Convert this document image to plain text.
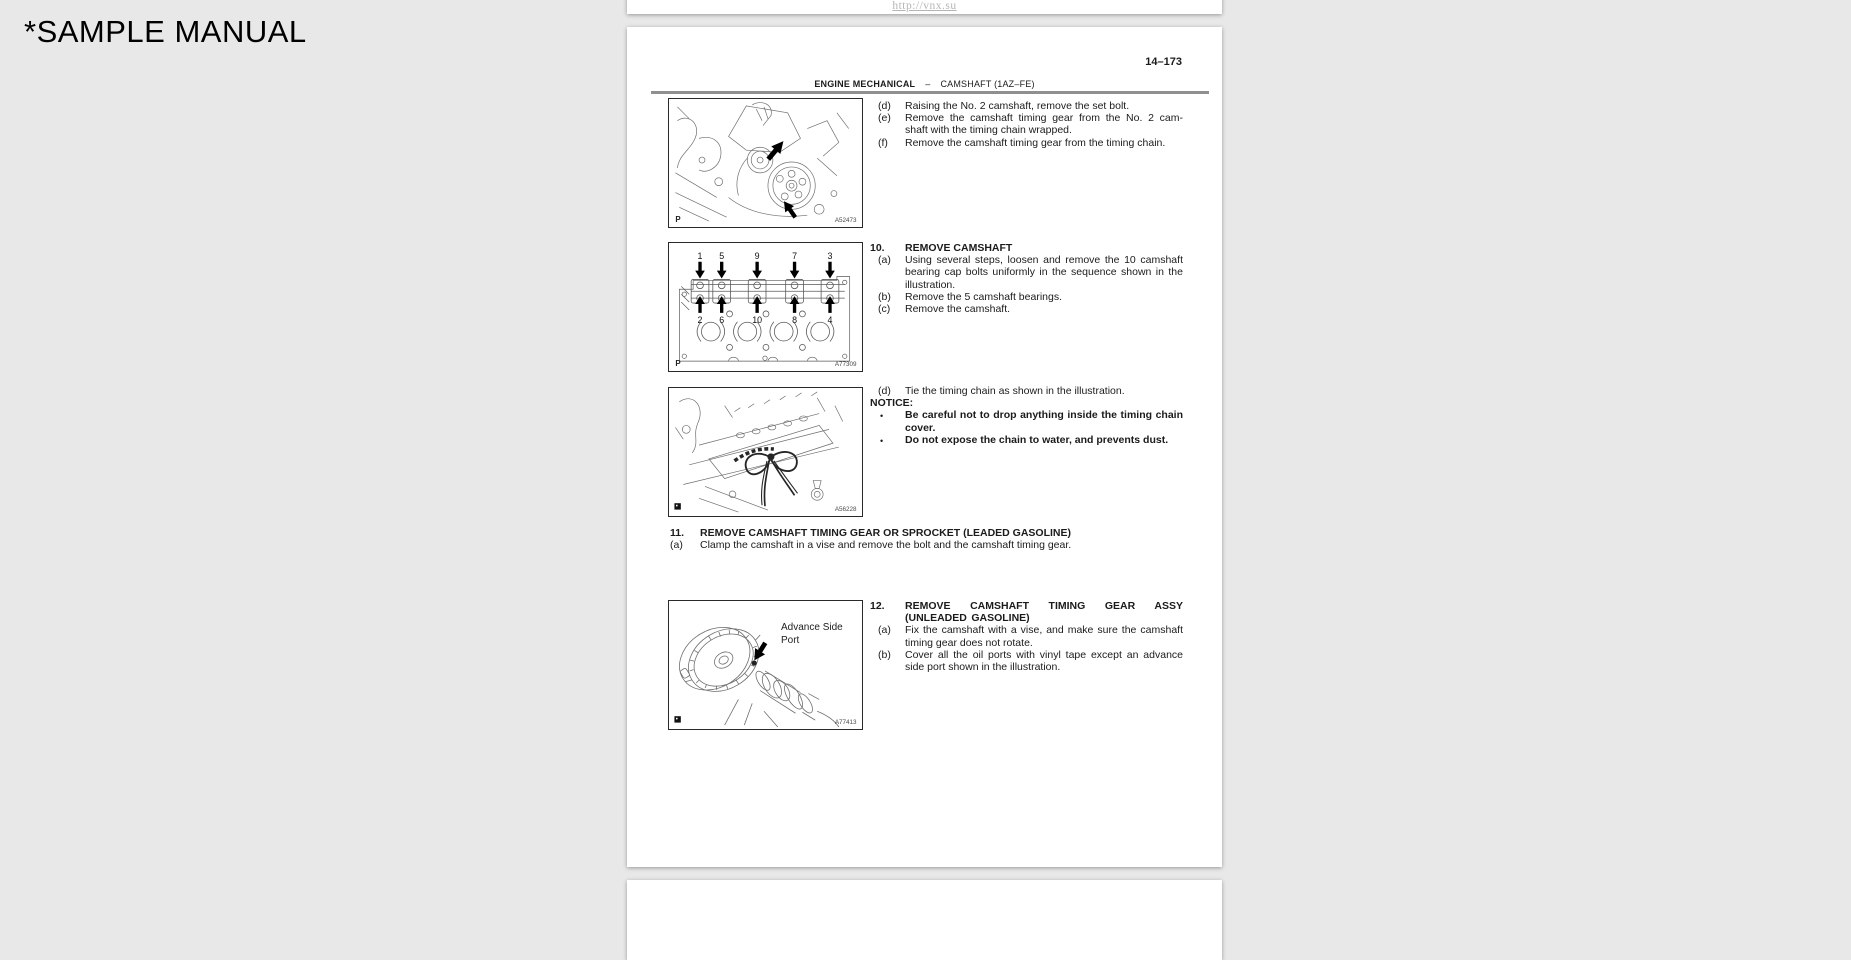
*SAMPLE MANUAL
http://vnx.su
14–173
ENGINE MECHANICAL – CAMSHAFT (1AZ–FE)
P	A52473
(d)	Raising the No. 2 camshaft, remove the set bolt.
(e)	Remove the camshaft timing gear from the No. 2 cam- shaft with the timing chain wrapped.
(f)	Remove the camshaft timing gear from the timing chain.
1 5	9	7	3
2 6	10	8	4
P	A77309
10.	REMOVE CAMSHAFT
(a)	Using several steps, loosen and remove the 10 camshaft bearing cap bolts uniformly in the sequence shown in the illustration.
(b)	Remove the 5 camshaft bearings.
(c)	Remove the camshaft.
A56228
(d)	Tie the timing chain as shown in the illustration.
NOTICE:
•	Be careful not to drop anything inside the timing chain cover.
•	Do not expose the chain to water, and prevents dust.
11.	REMOVE CAMSHAFT TIMING GEAR OR SPROCKET (LEADED GASOLINE)
(a)	Clamp the camshaft in a vise and remove the bolt and the camshaft timing gear.
A77413
Advance Side Port
12.	REMOVE CAMSHAFT TIMING GEAR ASSY (UNLEADED GASOLINE)
(a)	Fix the camshaft with a vise, and make sure the camshaft timing gear does not rotate.
(b)	Cover all the oil ports with vinyl tape except an advance side port shown in the illustration.
